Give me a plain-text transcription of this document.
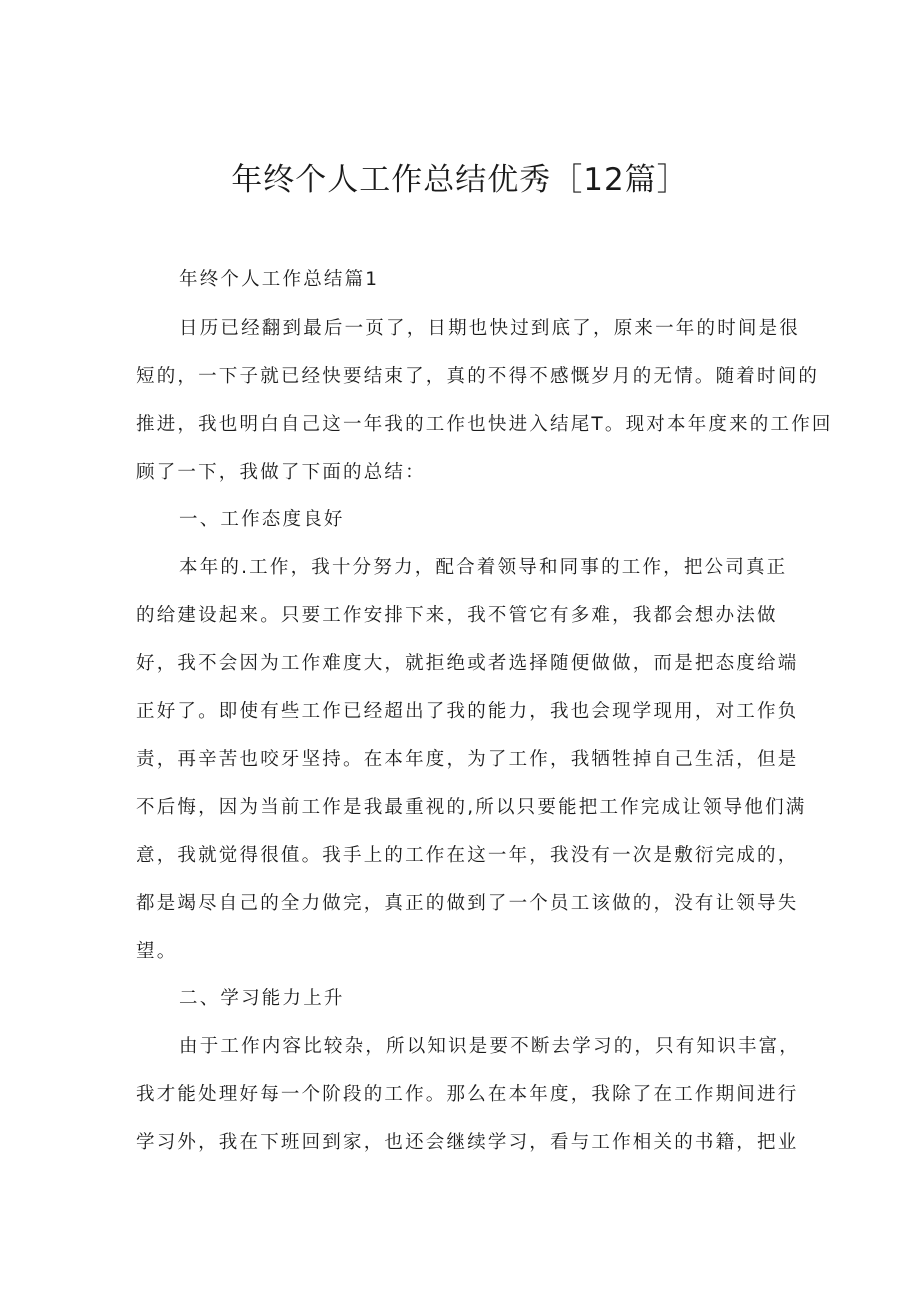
年终个人工作总结优秀［12篇］

年终个人工作总结篇1

日历已经翻到最后一页了，日期也快过到底了，原来一年的时间是很
短的，一下子就已经快要结束了，真的不得不感慨岁月的无情。随着时间的
推进，我也明白自己这一年我的工作也快进入结尾T。现对本年度来的工作回
顾了一下，我做了下面的总结：

一、工作态度良好

本年的.工作，我十分努力，配合着领导和同事的工作，把公司真正
的给建设起来。只要工作安排下来，我不管它有多难，我都会想办法做
好，我不会因为工作难度大，就拒绝或者选择随便做做，而是把态度给端
正好了。即使有些工作已经超出了我的能力，我也会现学现用，对工作负
责，再辛苦也咬牙坚持。在本年度，为了工作，我牺牲掉自己生活，但是
不后悔，因为当前工作是我最重视的,所以只要能把工作完成让领导他们满
意，我就觉得很值。我手上的工作在这一年，我没有一次是敷衍完成的，
都是竭尽自己的全力做完，真正的做到了一个员工该做的，没有让领导失
望。

二、学习能力上升

由于工作内容比较杂，所以知识是要不断去学习的，只有知识丰富，
我才能处理好每一个阶段的工作。那么在本年度，我除了在工作期间进行
学习外，我在下班回到家，也还会继续学习，看与工作相关的书籍，把业
